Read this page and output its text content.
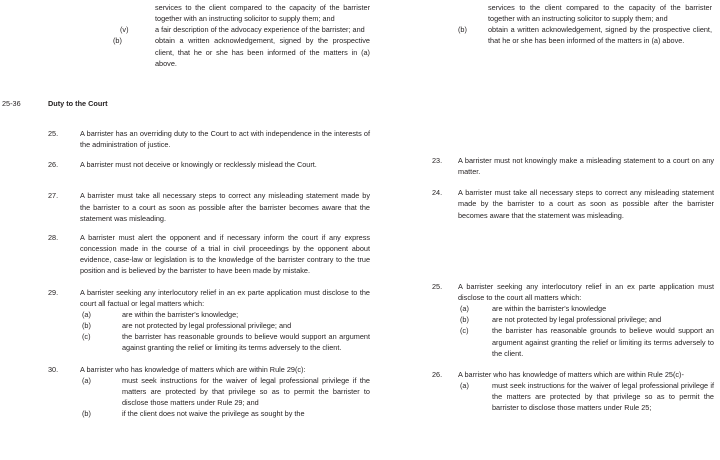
services to the client compared to the capacity of the barrister together with an instructing solicitor to supply them; and
(v)	a fair description of the advocacy experience of the barrister; and
(b)	obtain a written acknowledgement, signed by the prospective client, that he or she has been informed of the matters in (a) above.
services to the client compared to the capacity of the barrister together with an instructing solicitor to supply them; and
(b)	obtain a written acknowledgement, signed by the prospective client, that he or she has been informed of the matters in (a) above.
25-36	Duty to the Court
25.	A barrister has an overriding duty to the Court to act with independence in the interests of the administration of justice.
26.	A barrister must not deceive or knowingly or recklessly mislead the Court.
27.	A barrister must take all necessary steps to correct any misleading statement made by the barrister to a court as soon as possible after the barrister becomes aware that the statement was misleading.
28.	A barrister must alert the opponent and if necessary inform the court if any express concession made in the course of a trial in civil proceedings by the opponent about evidence, case-law or legislation is to the knowledge of the barrister contrary to the true position and is believed by the barrister to have been made by mistake.
29.	A barrister seeking any interlocutory relief in an ex parte application must disclose to the court all factual or legal matters which:
(a)	are within the barrister's knowledge;
(b)	are not protected by legal professional privilege; and
(c)	the barrister has reasonable grounds to believe would support an argument against granting the relief or limiting its terms adversely to the client.
30.	A barrister who has knowledge of matters which are within Rule 29(c):
(a)	must seek instructions for the waiver of legal professional privilege if the matters are protected by that privilege so as to permit the barrister to disclose those matters under Rule 29; and
(b)	if the client does not waive the privilege as sought by the
23. A barrister must not knowingly make a misleading statement to a court on any matter.
24. A barrister must take all necessary steps to correct any misleading statement made by the barrister to a court as soon as possible after the barrister becomes aware that the statement was misleading.
25. A barrister seeking any interlocutory relief in an ex parte application must disclose to the court all matters which:
(a)	are within the barrister's knowledge
(b)	are not protected by legal professional privilege; and
(c)	the barrister has reasonable grounds to believe would support an argument against granting the relief or limiting its terms adversely to the client.
26. A barrister who has knowledge of matters which are within Rule 25(c)-
(a)	must seek instructions for the waiver of legal professional privilege if the matters are protected by that privilege so as to permit the barrister to disclose those matters under Rule 25;
